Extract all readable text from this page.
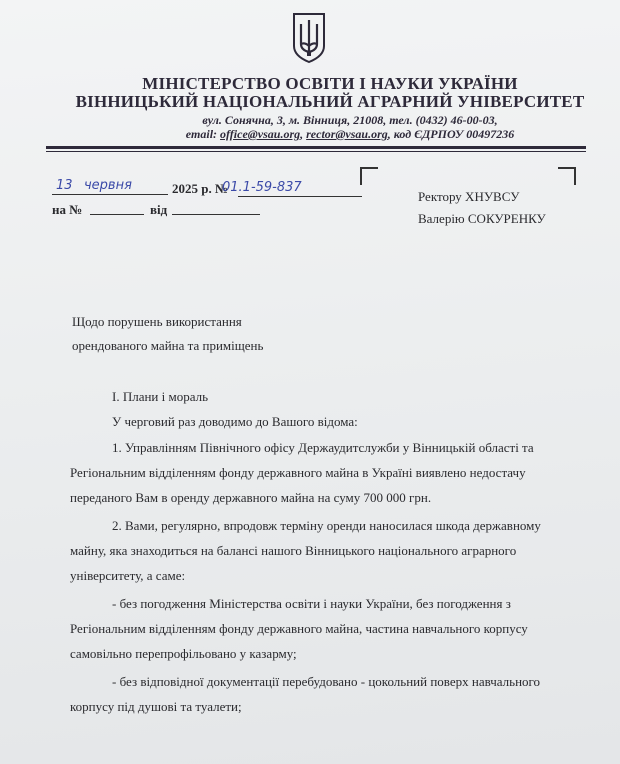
МІНІСТЕРСТВО ОСВІТИ І НАУКИ УКРАЇНИ
ВІННИЦЬКИЙ НАЦІОНАЛЬНИЙ АГРАРНИЙ УНІВЕРСИТЕТ
вул. Сонячна, 3, м. Вінниця, 21008, тел. (0432) 46-00-03,
email: office@vsau.org, rector@vsau.org, код ЄДРПОУ 00497236
13 червня	2025 р. №
01.1-59-837
на №	від
Ректору ХНУВСУ
Валерію СОКУРЕНКУ
Щодо порушень використання
орендованого майна та приміщень
І. Плани і мораль
У черговий раз доводимо до Вашого відома:
1. Управлінням Північного офісу Держаудитслужби у Вінницькій області та
Регіональним відділенням фонду державного майна в Україні виявлено недостачу
переданого Вам в оренду державного майна на суму 700 000 грн.
2. Вами, регулярно, впродовж терміну оренди наносилася шкода державному
майну, яка знаходиться на балансі нашого Вінницького національного аграрного
університету, а саме:
- без погодження Міністерства освіти і науки України, без погодження з
Регіональним відділенням фонду державного майна, частина навчального корпусу
самовільно перепрофільовано у казарму;
- без відповідної документації перебудовано - цокольний поверх навчального
корпусу під душові та туалети;
